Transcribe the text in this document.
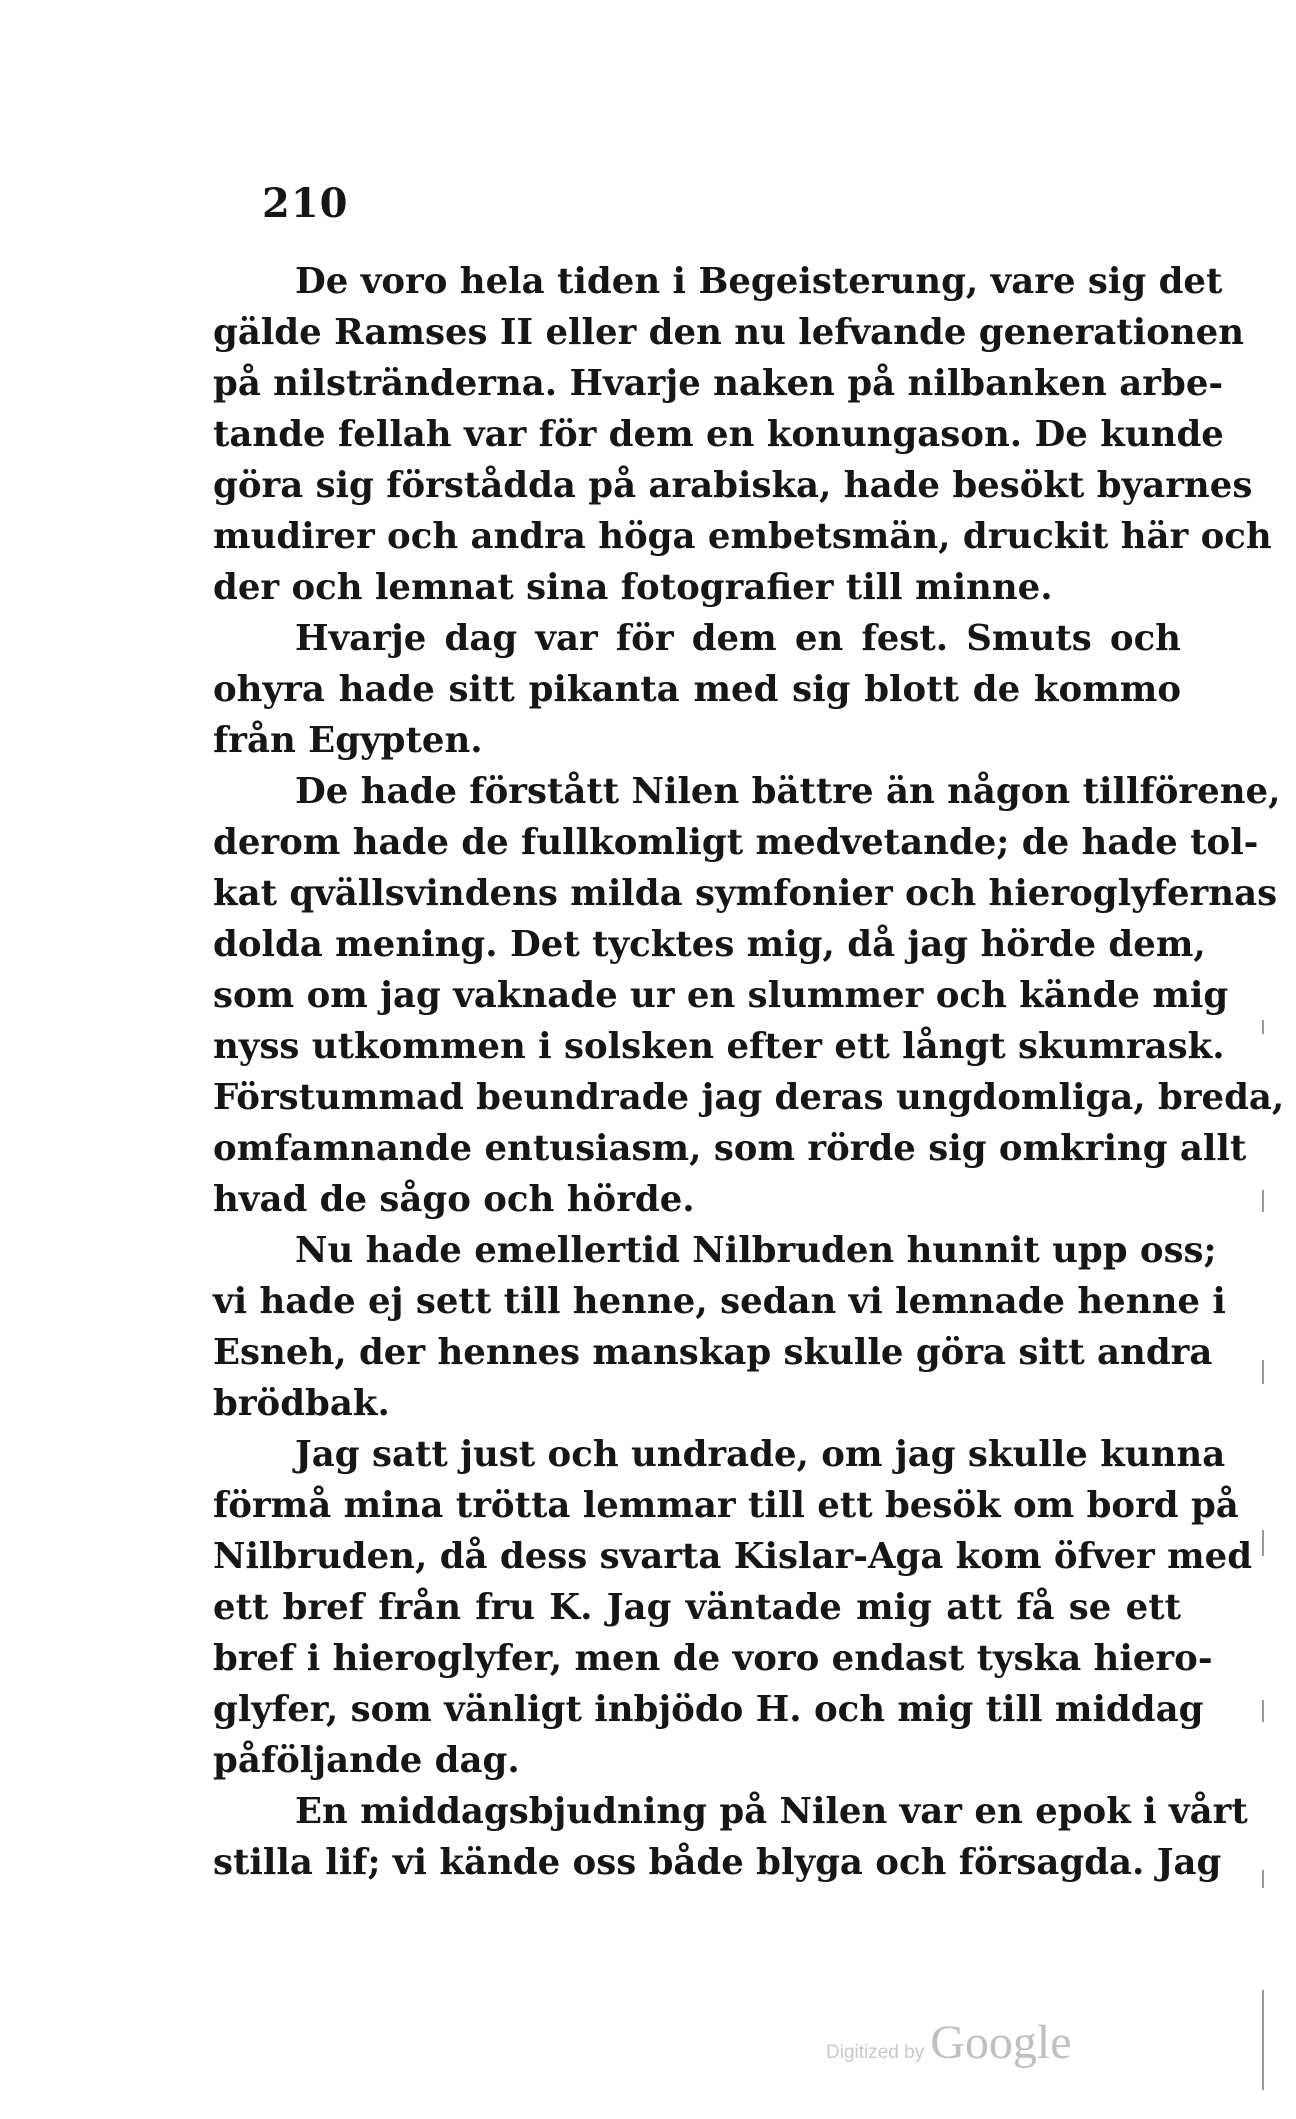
210
De voro hela tiden i Begeisterung, vare sig det
gälde Ramses II eller den nu lefvande generationen
på nilsträndernа. Hvarje naken på nilbanken arbe-
tande fellah var för dem en konungason. De kunde
göra sig förstådda på arabiska, hade besökt byarnes
mudirer och andra höga embetsmän, druckit här och
der och lemnat sina fotografier till minne.
Hvarje dag var för dem en fest. Smuts och
ohyra hade sitt pikanta med sig blott de kommo
från Egypten.
De hade förstått Nilen bättre än någon tillförene,
derom hade de fullkomligt medvetande; de hade tol-
kat qvällsvindens milda symfonier och hieroglyfernas
dolda mening. Det tycktes mig, då jag hörde dem,
som om jag vaknade ur en slummer och kände mig
nyss utkommen i solsken efter ett långt skumrask.
Förstummad beundrade jag deras ungdomliga, breda,
omfamnande entusiasm, som rörde sig omkring allt
hvad de sågo och hörde.
Nu hade emellertid Nilbruden hunnit upp oss;
vi hade ej sett till henne, sedan vi lemnade henne i
Esneh, der hennes manskap skulle göra sitt andra
brödbak.
Jag satt just och undrade, om jag skulle kunna
förmå mina trötta lemmar till ett besök om bord på
Nilbruden, då dess svarta Kislar-Aga kom öfver med
ett bref från fru K. Jag väntade mig att få se ett
bref i hieroglyfer, men de voro endast tyska hiero-
glyfer, som vänligt inbjödo H. och mig till middag
påföljande dag.
En middagsbjudning på Nilen var en epok i vårt
stilla lif; vi kände oss både blyga och försagda. Jag
Digitized by Google
